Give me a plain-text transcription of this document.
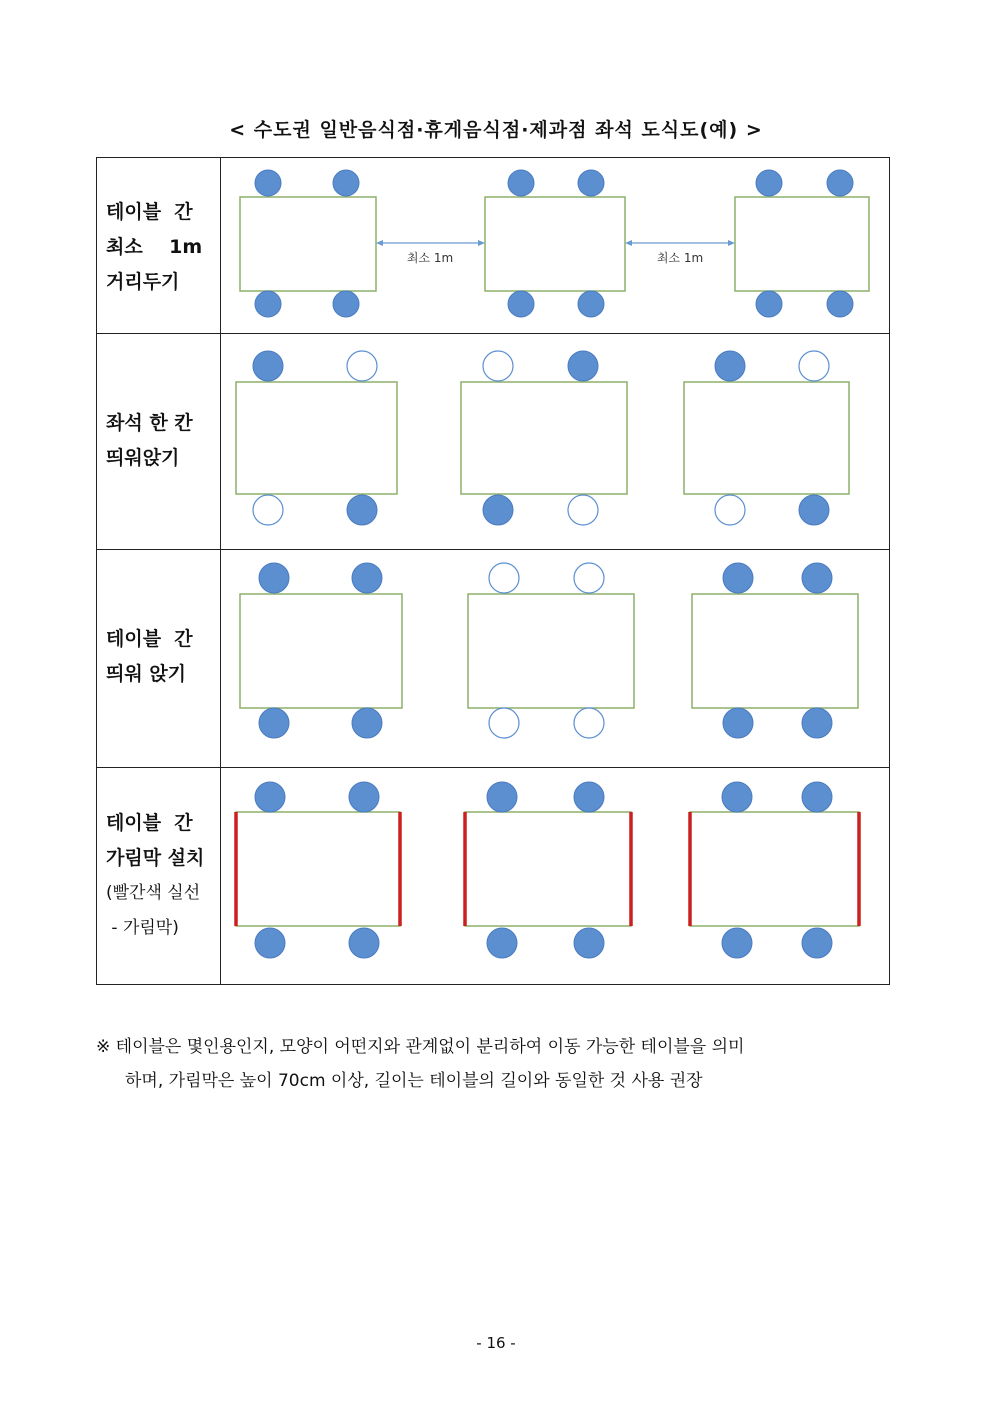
< 수도권 일반음식점·휴게음식점·제과점 좌석 도식도(예) >
테이블  간
최소    1m
거리두기
최소 1m	최소 1m
좌석 한 칸
띄워앉기
테이블  간
띄워 앉기
테이블  간
가림막 설치
(빨간색 실선
- 가림막)
※ 테이블은 몇인용인지, 모양이 어떤지와 관계없이 분리하여 이동 가능한 테이블을 의미
하며, 가림막은 높이 70cm 이상, 길이는 테이블의 길이와 동일한 것 사용 권장
- 16 -
